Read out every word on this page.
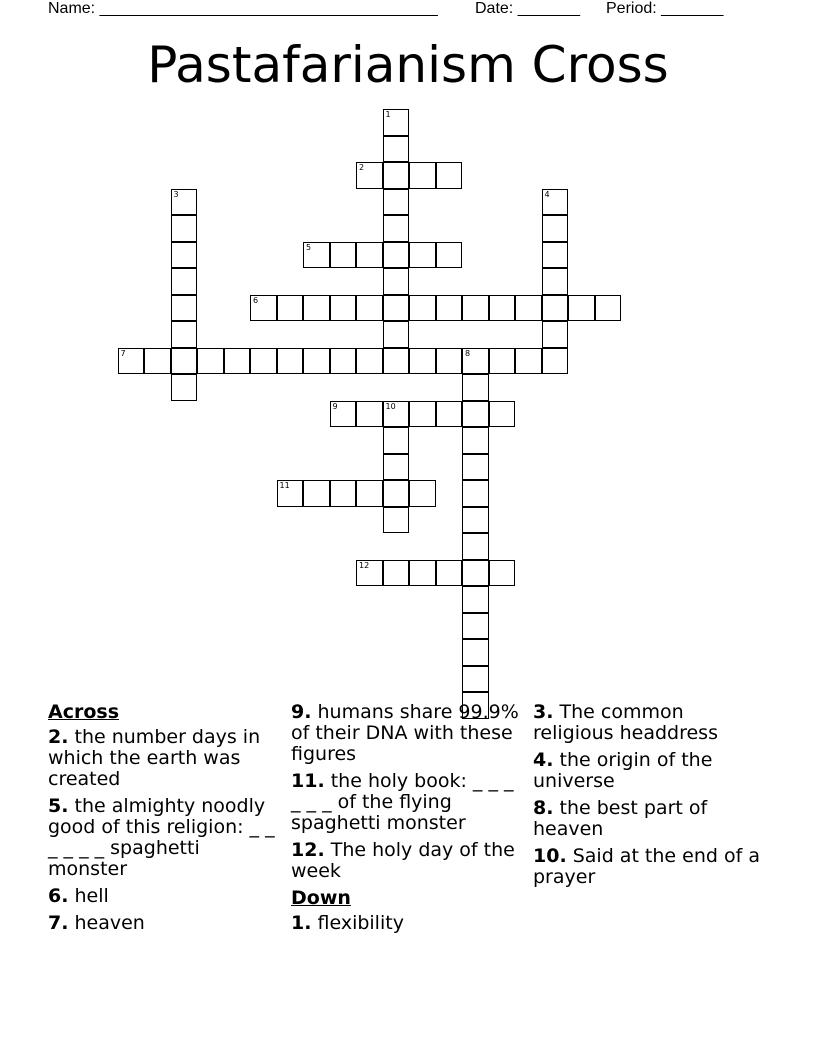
Name: ______________________________________ Date: _______ Period: _______
Pastafarianism Cross
1
2
3	4
5
6
7	8
9	10
11
12
Across
2. the number days in which the earth was created
5. the almighty noodly good of this religion: _ _ _ _ _ _ spaghetti monster
6. hell
7. heaven
9. humans share 99.9% of their DNA with these figures
11. the holy book: _ _ _ _ _ _ of the flying spaghetti monster
12. The holy day of the week
Down
1. flexibility
3. The common religious headdress
4. the origin of the universe
8. the best part of heaven
10. Said at the end of a prayer
